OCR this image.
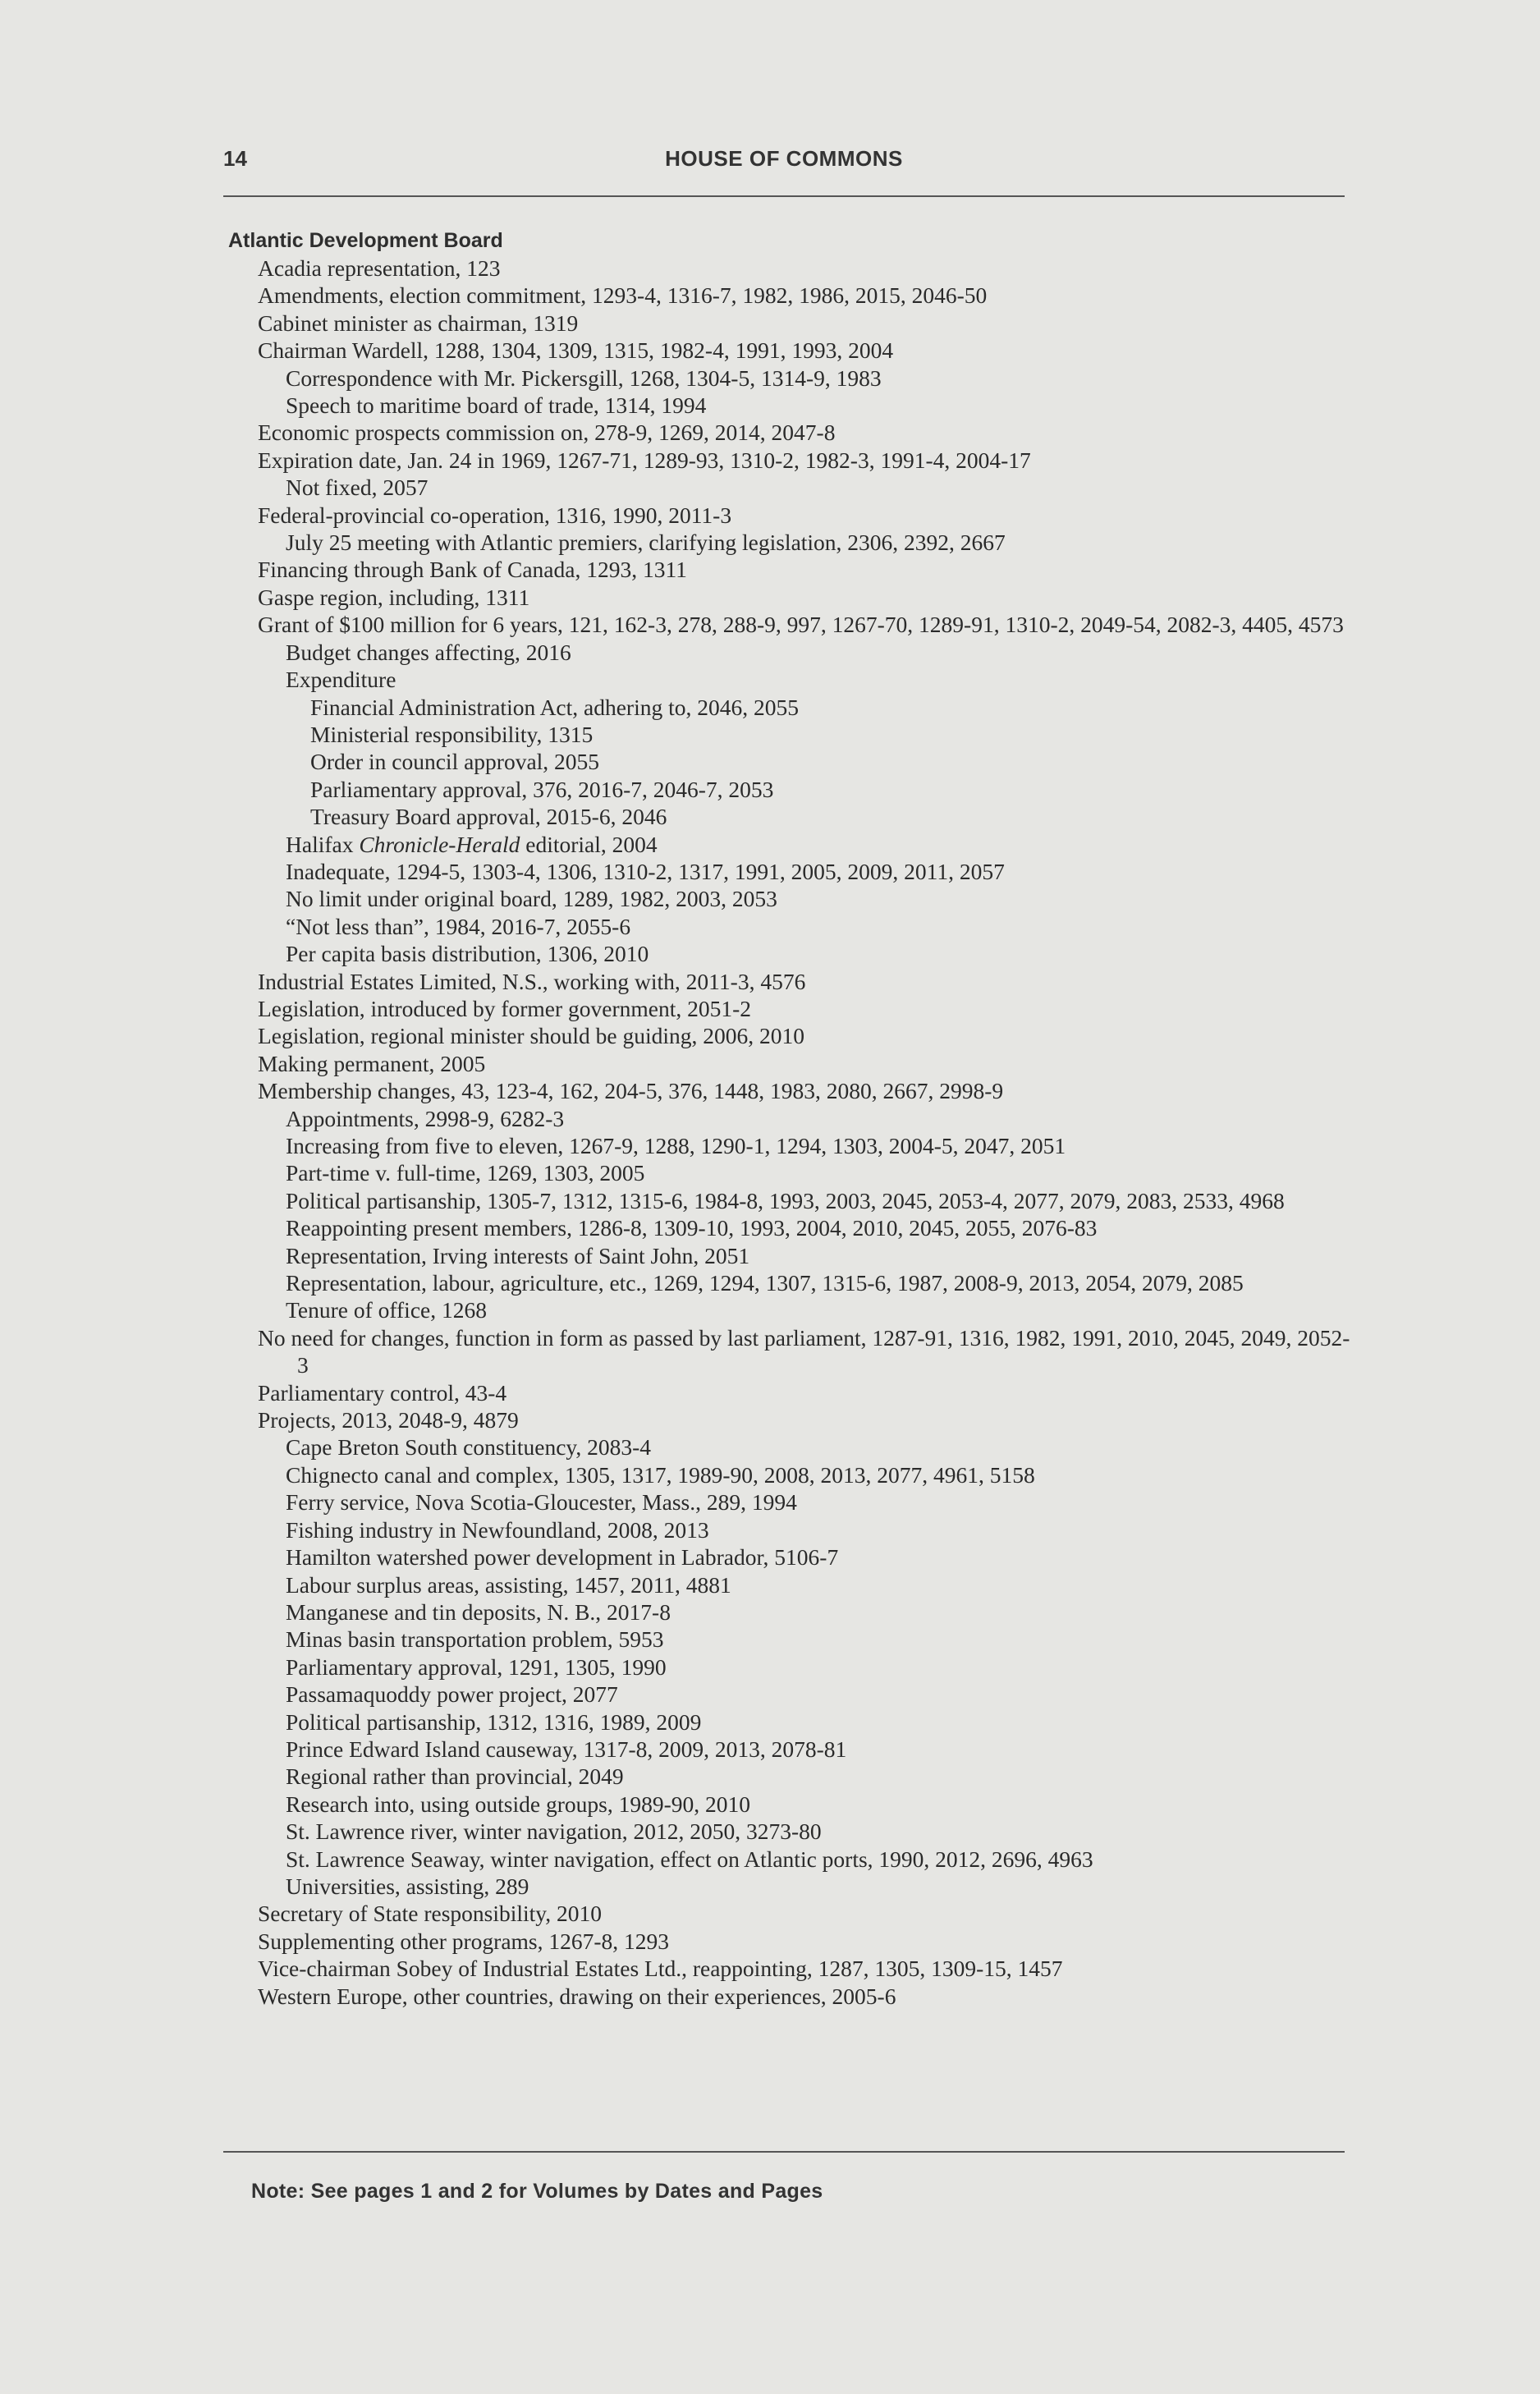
14	HOUSE OF COMMONS
Atlantic Development Board
Acadia representation, 123
Amendments, election commitment, 1293-4, 1316-7, 1982, 1986, 2015, 2046-50
Cabinet minister as chairman, 1319
Chairman Wardell, 1288, 1304, 1309, 1315, 1982-4, 1991, 1993, 2004
Correspondence with Mr. Pickersgill, 1268, 1304-5, 1314-9, 1983
Speech to maritime board of trade, 1314, 1994
Economic prospects commission on, 278-9, 1269, 2014, 2047-8
Expiration date, Jan. 24 in 1969, 1267-71, 1289-93, 1310-2, 1982-3, 1991-4, 2004-17
Not fixed, 2057
Federal-provincial co-operation, 1316, 1990, 2011-3
July 25 meeting with Atlantic premiers, clarifying legislation, 2306, 2392, 2667
Financing through Bank of Canada, 1293, 1311
Gaspe region, including, 1311
Grant of $100 million for 6 years, 121, 162-3, 278, 288-9, 997, 1267-70, 1289-91, 1310-2, 2049-54, 2082-3, 4405, 4573
Budget changes affecting, 2016
Expenditure
Financial Administration Act, adhering to, 2046, 2055
Ministerial responsibility, 1315
Order in council approval, 2055
Parliamentary approval, 376, 2016-7, 2046-7, 2053
Treasury Board approval, 2015-6, 2046
Halifax Chronicle-Herald editorial, 2004
Inadequate, 1294-5, 1303-4, 1306, 1310-2, 1317, 1991, 2005, 2009, 2011, 2057
No limit under original board, 1289, 1982, 2003, 2053
“Not less than”, 1984, 2016-7, 2055-6
Per capita basis distribution, 1306, 2010
Industrial Estates Limited, N.S., working with, 2011-3, 4576
Legislation, introduced by former government, 2051-2
Legislation, regional minister should be guiding, 2006, 2010
Making permanent, 2005
Membership changes, 43, 123-4, 162, 204-5, 376, 1448, 1983, 2080, 2667, 2998-9
Appointments, 2998-9, 6282-3
Increasing from five to eleven, 1267-9, 1288, 1290-1, 1294, 1303, 2004-5, 2047, 2051
Part-time v. full-time, 1269, 1303, 2005
Political partisanship, 1305-7, 1312, 1315-6, 1984-8, 1993, 2003, 2045, 2053-4, 2077, 2079, 2083, 2533, 4968
Reappointing present members, 1286-8, 1309-10, 1993, 2004, 2010, 2045, 2055, 2076-83
Representation, Irving interests of Saint John, 2051
Representation, labour, agriculture, etc., 1269, 1294, 1307, 1315-6, 1987, 2008-9, 2013, 2054, 2079, 2085
Tenure of office, 1268
No need for changes, function in form as passed by last parliament, 1287-91, 1316, 1982, 1991, 2010, 2045, 2049, 2052-3
Parliamentary control, 43-4
Projects, 2013, 2048-9, 4879
Cape Breton South constituency, 2083-4
Chignecto canal and complex, 1305, 1317, 1989-90, 2008, 2013, 2077, 4961, 5158
Ferry service, Nova Scotia-Gloucester, Mass., 289, 1994
Fishing industry in Newfoundland, 2008, 2013
Hamilton watershed power development in Labrador, 5106-7
Labour surplus areas, assisting, 1457, 2011, 4881
Manganese and tin deposits, N. B., 2017-8
Minas basin transportation problem, 5953
Parliamentary approval, 1291, 1305, 1990
Passamaquoddy power project, 2077
Political partisanship, 1312, 1316, 1989, 2009
Prince Edward Island causeway, 1317-8, 2009, 2013, 2078-81
Regional rather than provincial, 2049
Research into, using outside groups, 1989-90, 2010
St. Lawrence river, winter navigation, 2012, 2050, 3273-80
St. Lawrence Seaway, winter navigation, effect on Atlantic ports, 1990, 2012, 2696, 4963
Universities, assisting, 289
Secretary of State responsibility, 2010
Supplementing other programs, 1267-8, 1293
Vice-chairman Sobey of Industrial Estates Ltd., reappointing, 1287, 1305, 1309-15, 1457
Western Europe, other countries, drawing on their experiences, 2005-6
Note: See pages 1 and 2 for Volumes by Dates and Pages
